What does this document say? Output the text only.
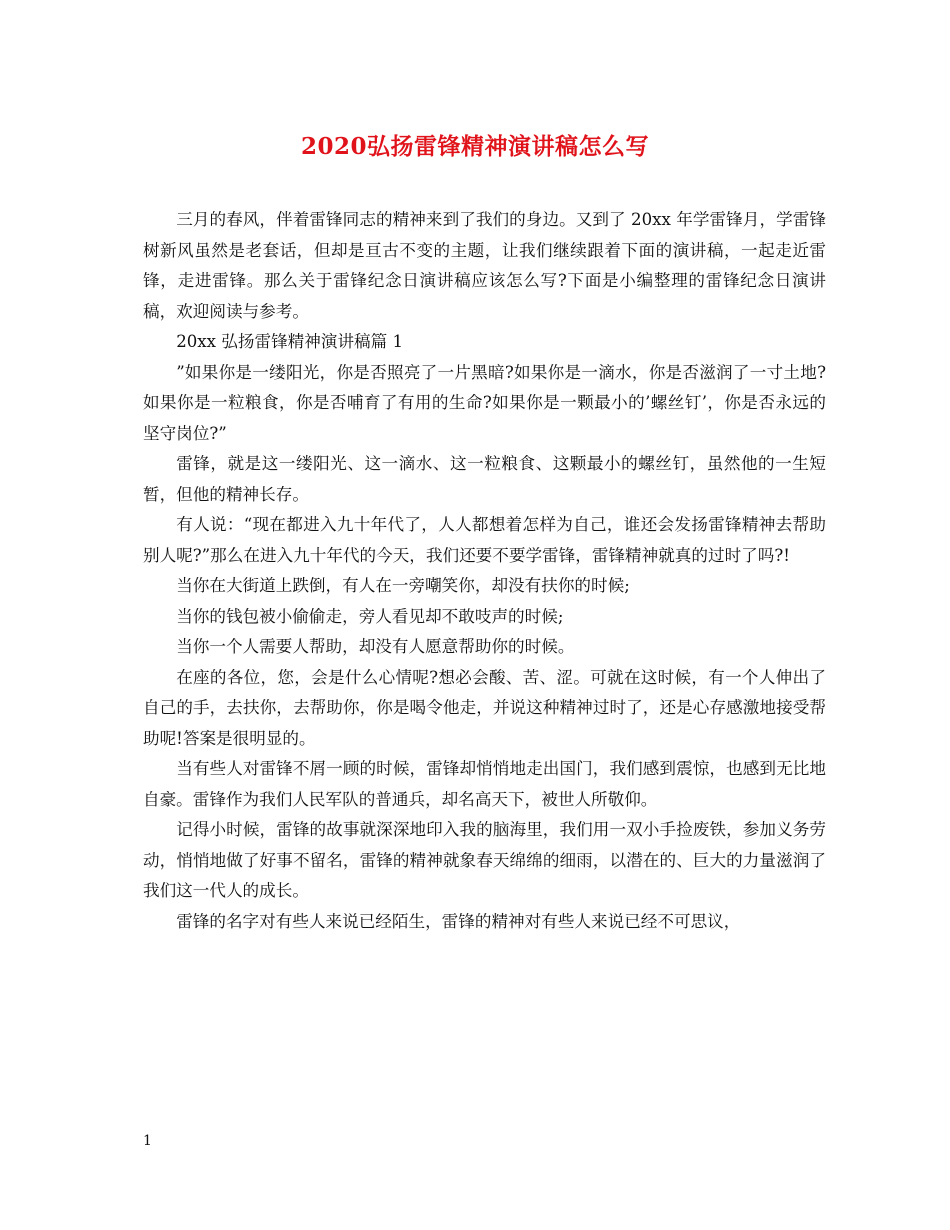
2020弘扬雷锋精神演讲稿怎么写

三月的春风，伴着雷锋同志的精神来到了我们的身边。又到了 20xx 年学雷锋月，学雷锋树新风虽然是老套话，但却是亘古不变的主题，让我们继续跟着下面的演讲稿，一起走近雷锋，走进雷锋。那么关于雷锋纪念日演讲稿应该怎么写?下面是小编整理的雷锋纪念日演讲稿，欢迎阅读与参考。

20xx 弘扬雷锋精神演讲稿篇 1

”如果你是一缕阳光，你是否照亮了一片黑暗?如果你是一滴水，你是否滋润了一寸土地?如果你是一粒粮食，你是否哺育了有用的生命?如果你是一颗最小的’螺丝钉’，你是否永远的坚守岗位?”

雷锋，就是这一缕阳光、这一滴水、这一粒粮食、这颗最小的螺丝钉，虽然他的一生短暂，但他的精神长存。

有人说：“现在都进入九十年代了，人人都想着怎样为自己，谁还会发扬雷锋精神去帮助别人呢?”那么在进入九十年代的今天，我们还要不要学雷锋，雷锋精神就真的过时了吗?!

当你在大街道上跌倒，有人在一旁嘲笑你，却没有扶你的时候;

当你的钱包被小偷偷走，旁人看见却不敢吱声的时候;

当你一个人需要人帮助，却没有人愿意帮助你的时候。

在座的各位，您，会是什么心情呢?想必会酸、苦、涩。可就在这时候，有一个人伸出了自己的手，去扶你，去帮助你，你是喝令他走，并说这种精神过时了，还是心存感激地接受帮助呢!答案是很明显的。

当有些人对雷锋不屑一顾的时候，雷锋却悄悄地走出国门，我们感到震惊，也感到无比地自豪。雷锋作为我们人民军队的普通兵，却名高天下，被世人所敬仰。

记得小时候，雷锋的故事就深深地印入我的脑海里，我们用一双小手捡废铁，参加义务劳动，悄悄地做了好事不留名，雷锋的精神就象春天绵绵的细雨，以潜在的、巨大的力量滋润了我们这一代人的成长。

雷锋的名字对有些人来说已经陌生，雷锋的精神对有些人来说已经不可思议，

1
